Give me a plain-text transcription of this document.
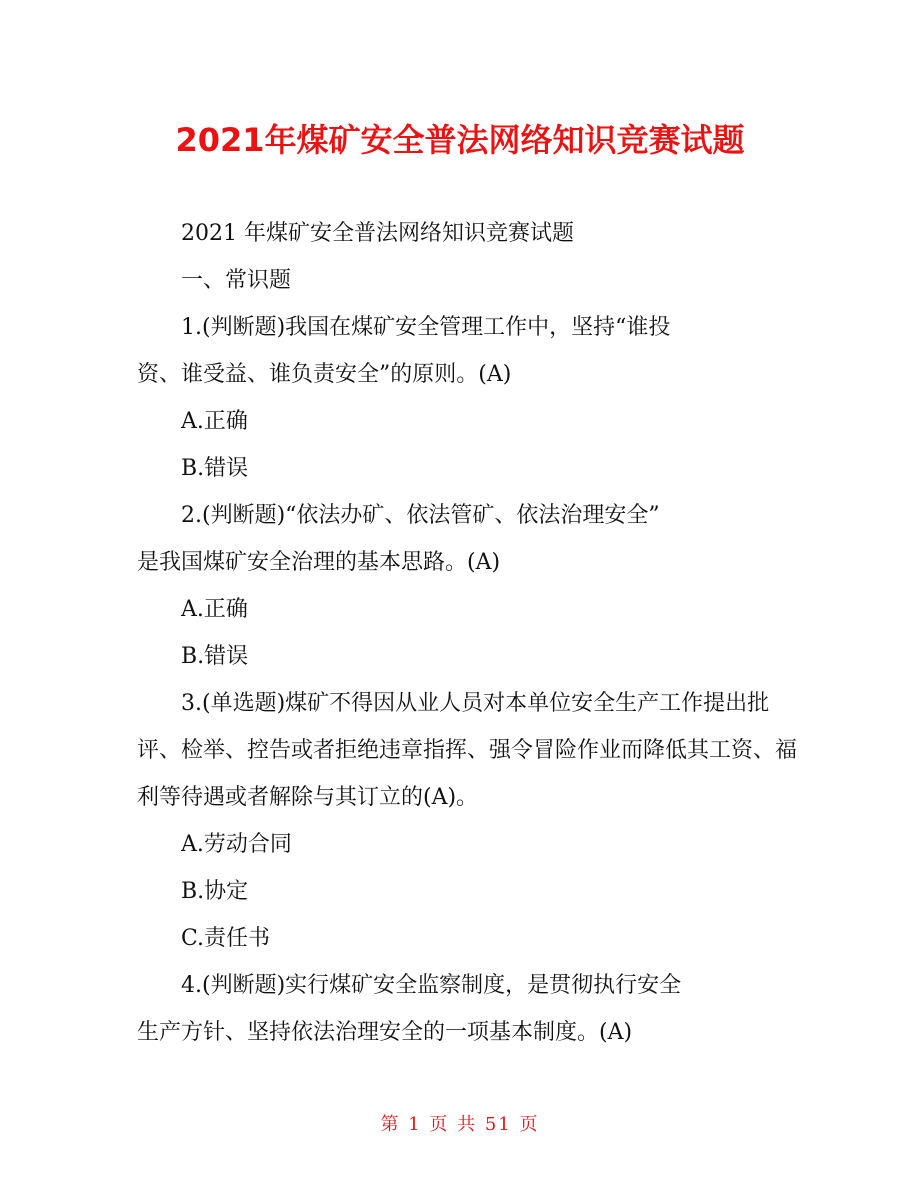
2021年煤矿安全普法网络知识竞赛试题

2021 年煤矿安全普法网络知识竞赛试题

一、常识题

1.(判断题)我国在煤矿安全管理工作中，坚持“谁投

资、谁受益、谁负责安全”的原则。(A)

A.正确

B.错误

2.(判断题)“依法办矿、依法管矿、依法治理安全”

是我国煤矿安全治理的基本思路。(A)

A.正确

B.错误

3.(单选题)煤矿不得因从业人员对本单位安全生产工作提出批评、检举、控告或者拒绝违章指挥、强令冒险作业而降低其工资、福利等待遇或者解除与其订立的(A)。

A.劳动合同

B.协定

C.责任书

4.(判断题)实行煤矿安全监察制度，是贯彻执行安全

生产方针、坚持依法治理安全的一项基本制度。(A)

第 1 页 共 51 页
